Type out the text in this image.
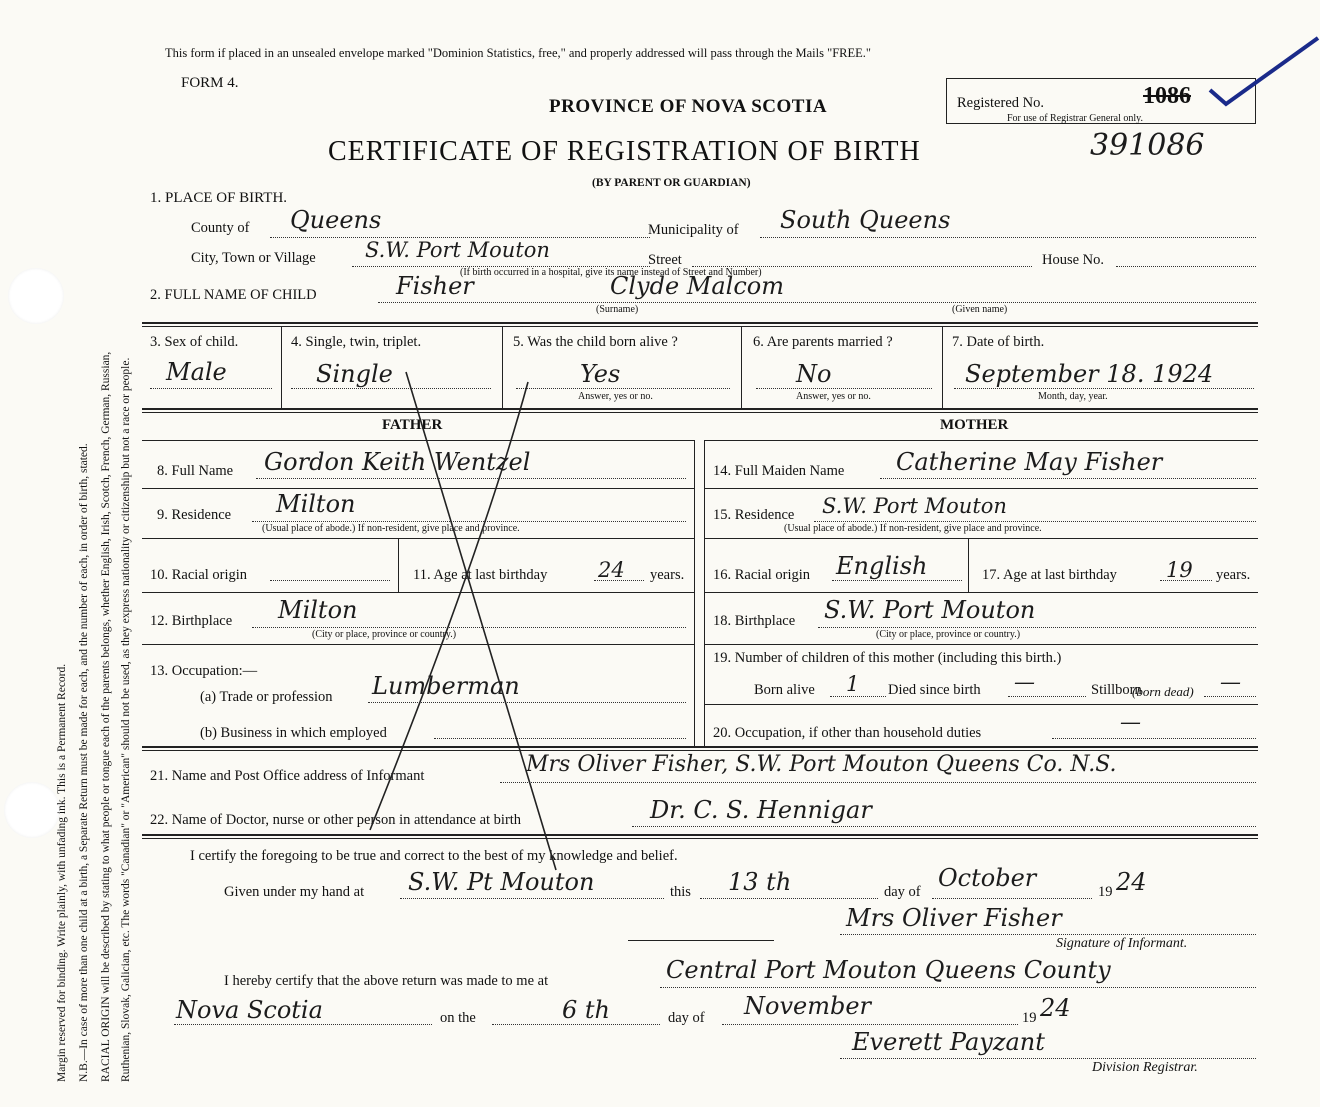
Margin reserved for binding. Write plainly, with unfading ink. This is a Permanent Record. N.B.—In case of more than one child at a birth, a Separate Return must be made for each, and the number of each, in order of birth, stated. RACIAL ORIGIN will be described by stating to what people or tongue each of the parents belongs, whether English, Irish, Scotch, French, German, Russian, Ruthenian, Slovak, Galician, etc. The words "Canadian" or "American" should not be used, as they express nationality or citizenship but not a race or people.
This form if placed in an unsealed envelope marked "Dominion Statistics, free," and properly addressed will pass through the Mails "FREE."
FORM 4.
PROVINCE OF NOVA SCOTIA
CERTIFICATE OF REGISTRATION OF BIRTH
(BY PARENT OR GUARDIAN)
Registered No.	1086
For use of Registrar General only.
391086
1. PLACE OF BIRTH.
County of Queens	Municipality of South Queens
City, Town or Village S.W. Port Mouton	Street	House No.
(If birth occurred in a hospital, give its name instead of Street and Number)
2. FULL NAME OF CHILD	Fisher	Clyde Malcom
(Surname)	(Given name)
3. Sex of child.
Male
4. Single, twin, triplet.
Single
5. Was the child born alive ?
Yes
Answer, yes or no.
6. Are parents married ?
No
Answer, yes or no.
7. Date of birth.
September 18. 1924
Month, day, year.
FATHER	MOTHER
8. Full Name Gordon Keith Wentzel
9. Residence Milton
(Usual place of abode.) If non-resident, give place and province.
10. Racial origin	11. Age at last birthday 24 years.
12. Birthplace Milton
(City or place, province or country.)
13. Occupation:—
(a) Trade or profession Lumberman
(b) Business in which employed
14. Full Maiden Name Catherine May Fisher
15. Residence S.W. Port Mouton
(Usual place of abode.) If non-resident, give place and province.
16. Racial origin English	17. Age at last birthday 19 years.
18. Birthplace S.W. Port Mouton
(City or place, province or country.)
19. Number of children of this mother (including this birth.)
Born alive 1 Died since birth —	Stillborn
(born dead) —
20. Occupation, if other than household duties	—
21. Name and Post Office address of Informant	Mrs Oliver Fisher, S.W. Port Mouton Queens Co. N.S.
22. Name of Doctor, nurse or other person in attendance at birth	Dr. C. S. Hennigar
I certify the foregoing to be true and correct to the best of my knowledge and belief.
Given under my hand at S.W. Pt Mouton	this 13 th	day of October	19 24
Mrs Oliver Fisher
Signature of Informant.
I hereby certify that the above return was made to me at	Central Port Mouton Queens County
Nova Scotia	on the	6 th	day of November	19 24
Everett Payzant
Division Registrar.
